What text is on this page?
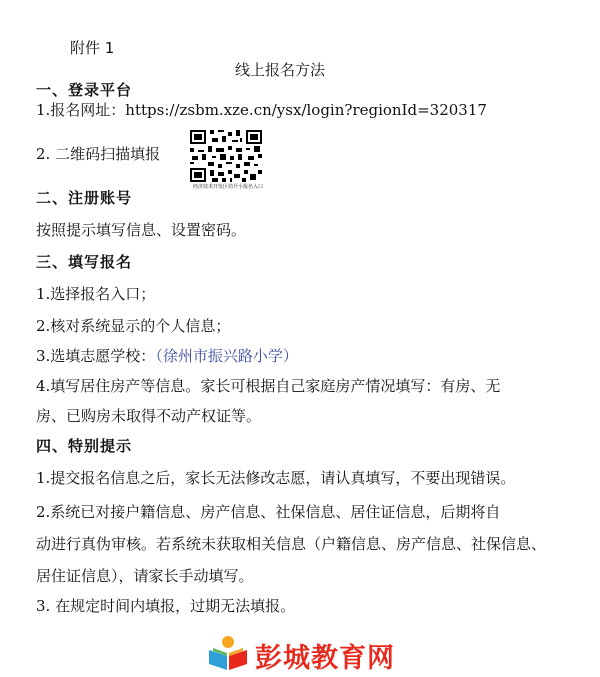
附件 1
线上报名方法
一、登录平台
1.报名网址：https://zsbm.xze.cn/ysx/login?regionId=320317
2. 二维码扫描填报
经济技术开发区幼升小报名入口
二、注册账号
按照提示填写信息、设置密码。
三、填写报名
1.选择报名入口；
2.核对系统显示的个人信息；
3.选填志愿学校：（徐州市振兴路小学）
4.填写居住房产等信息。家长可根据自己家庭房产情况填写：有房、无
房、已购房未取得不动产权证等。
四、特别提示
1.提交报名信息之后，家长无法修改志愿，请认真填写，不要出现错误。
2.系统已对接户籍信息、房产信息、社保信息、居住证信息，后期将自
动进行真伪审核。若系统未获取相关信息（户籍信息、房产信息、社保信息、
居住证信息），请家长手动填写。
3. 在规定时间内填报，过期无法填报。
彭城教育网
